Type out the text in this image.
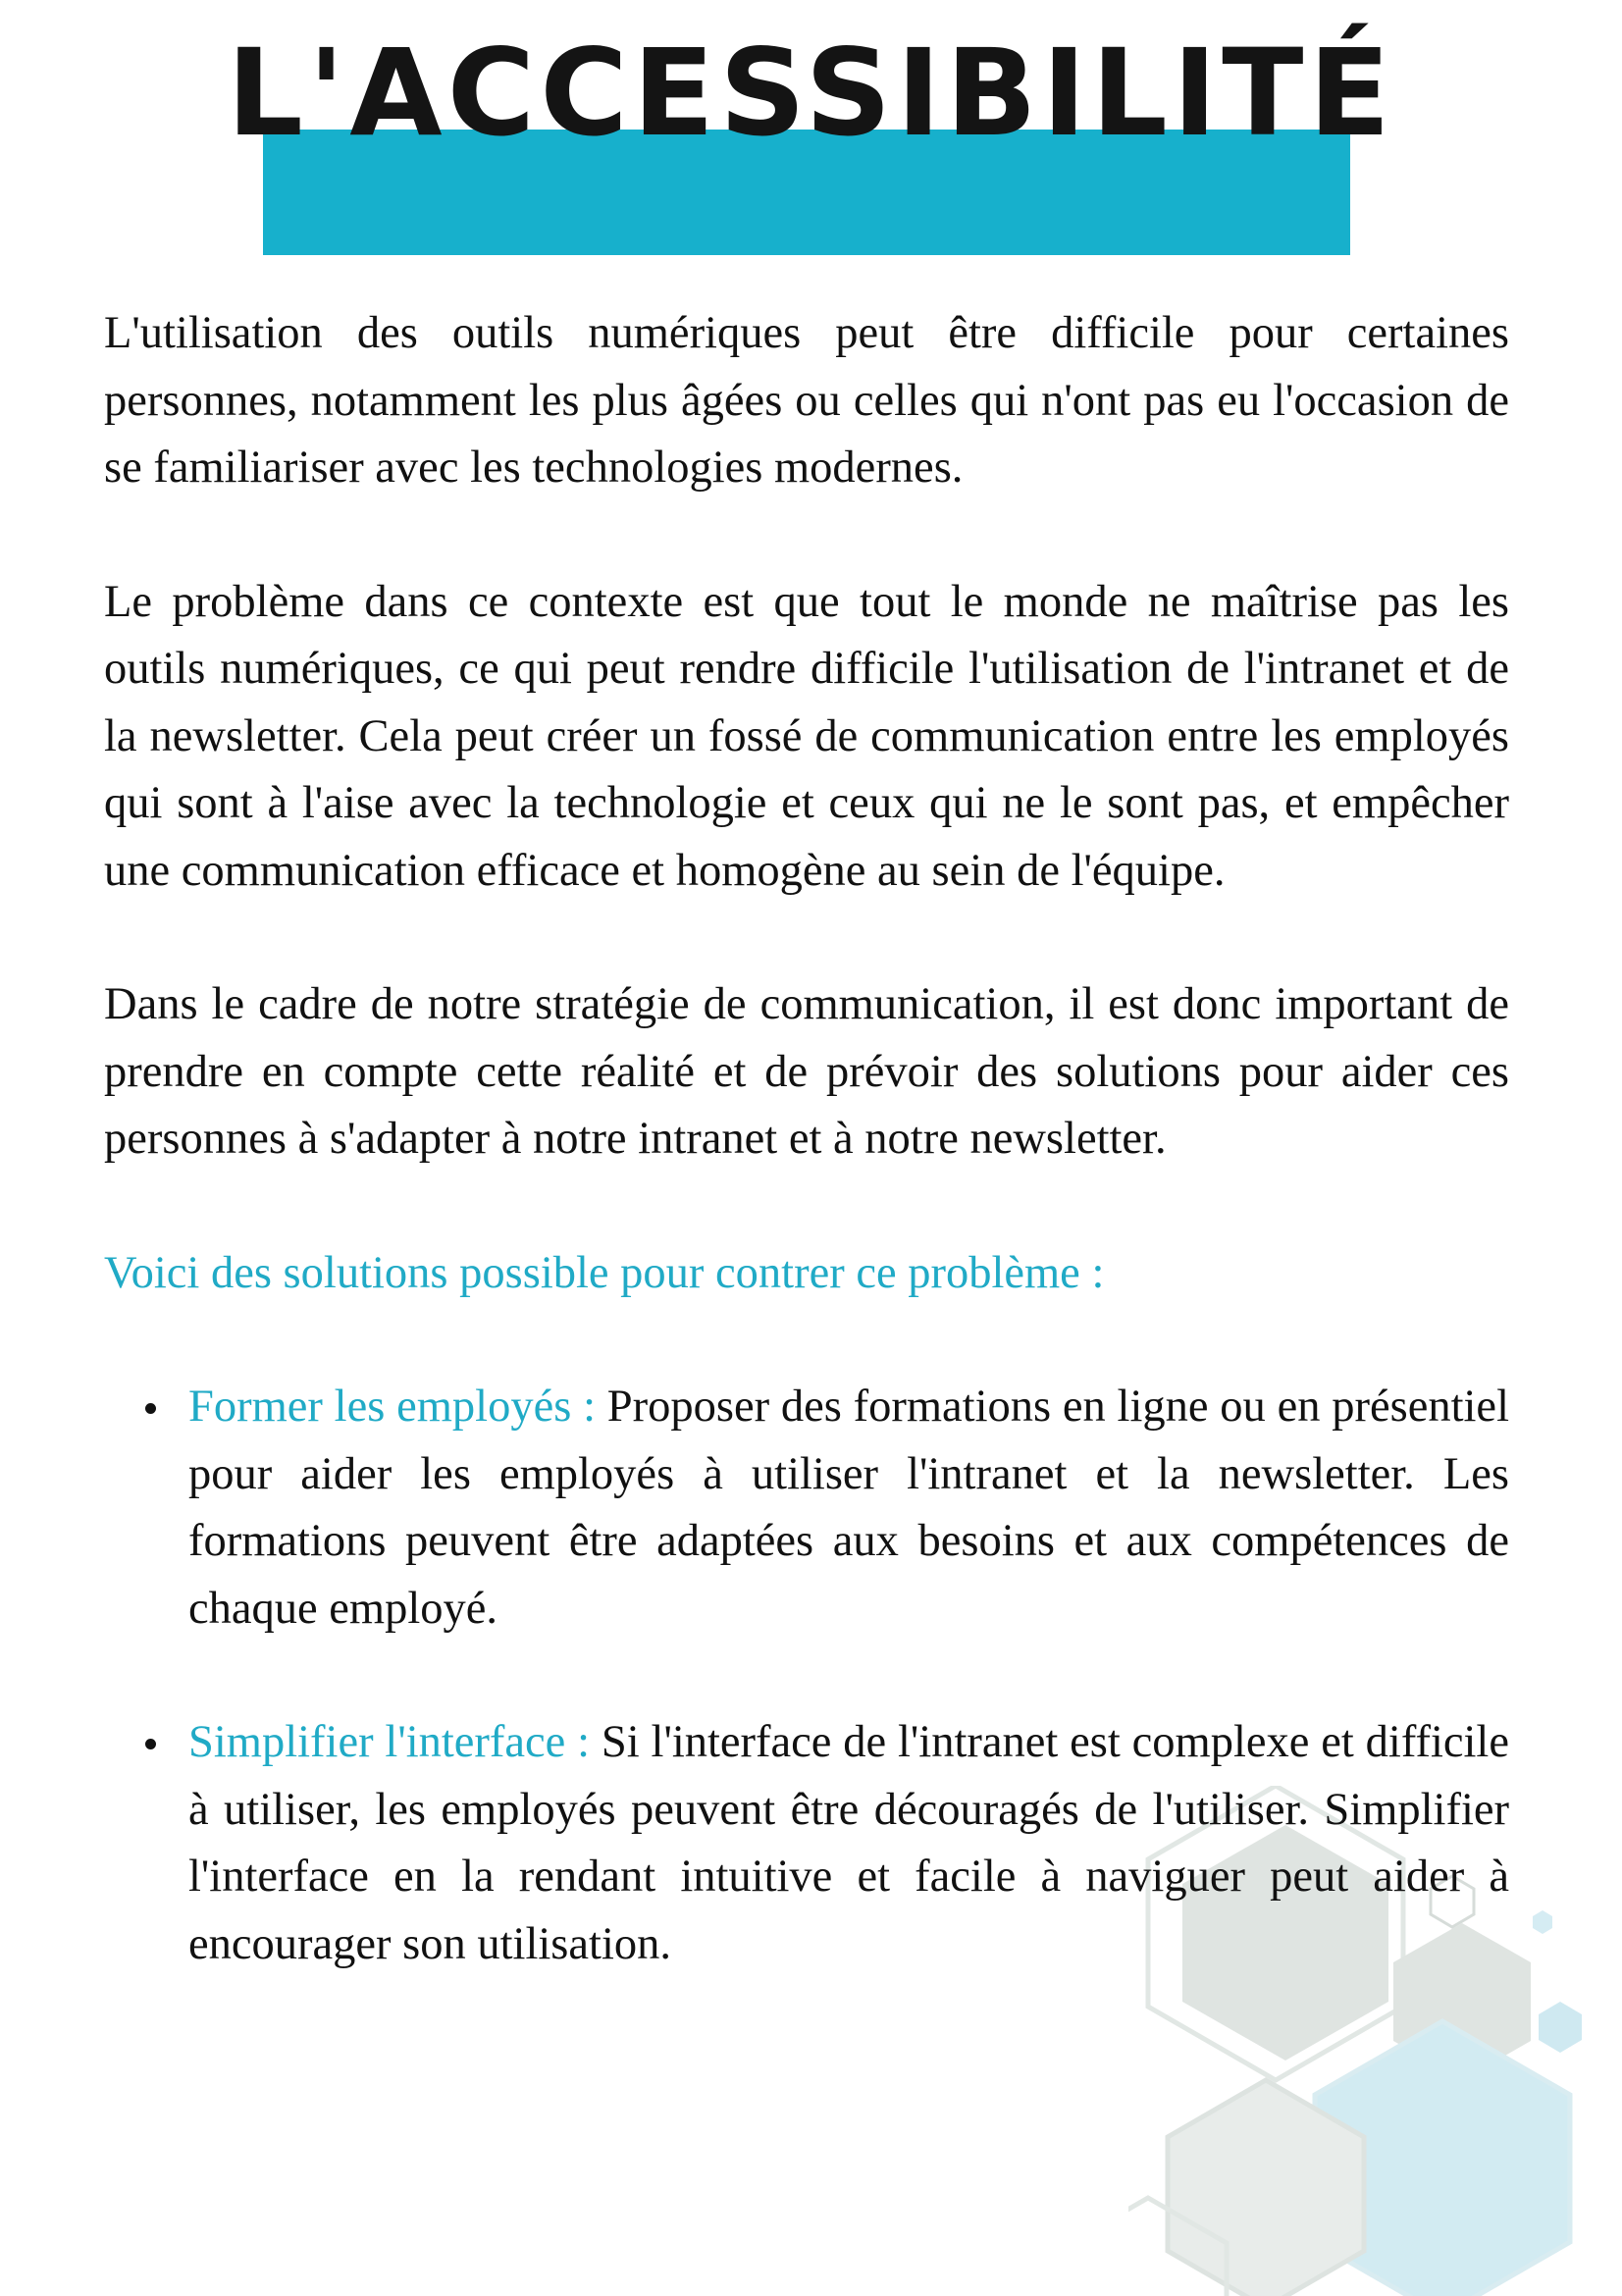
L'ACCESSIBILITÉ

L'utilisation des outils numériques peut être difficile pour certaines personnes, notamment les plus âgées ou celles qui n'ont pas eu l'occasion de se familiariser avec les technologies modernes.

Le problème dans ce contexte est que tout le monde ne maîtrise pas les outils numériques, ce qui peut rendre difficile l'utilisation de l'intranet et de la newsletter. Cela peut créer un fossé de communication entre les employés qui sont à l'aise avec la technologie et ceux qui ne le sont pas, et empêcher une communication efficace et homogène au sein de l'équipe.

Dans le cadre de notre stratégie de communication, il est donc important de prendre en compte cette réalité et de prévoir des solutions pour aider ces personnes à s'adapter à notre intranet et à notre newsletter.

Voici des solutions possible pour contrer ce problème :

Former les employés : Proposer des formations en ligne ou en présentiel pour aider les employés à utiliser l'intranet et la newsletter. Les formations peuvent être adaptées aux besoins et aux compétences de chaque employé.
Simplifier l'interface : Si l'interface de l'intranet est complexe et difficile à utiliser, les employés peuvent être découragés de l'utiliser. Simplifier l'interface en la rendant intuitive et facile à naviguer peut aider à encourager son utilisation.
